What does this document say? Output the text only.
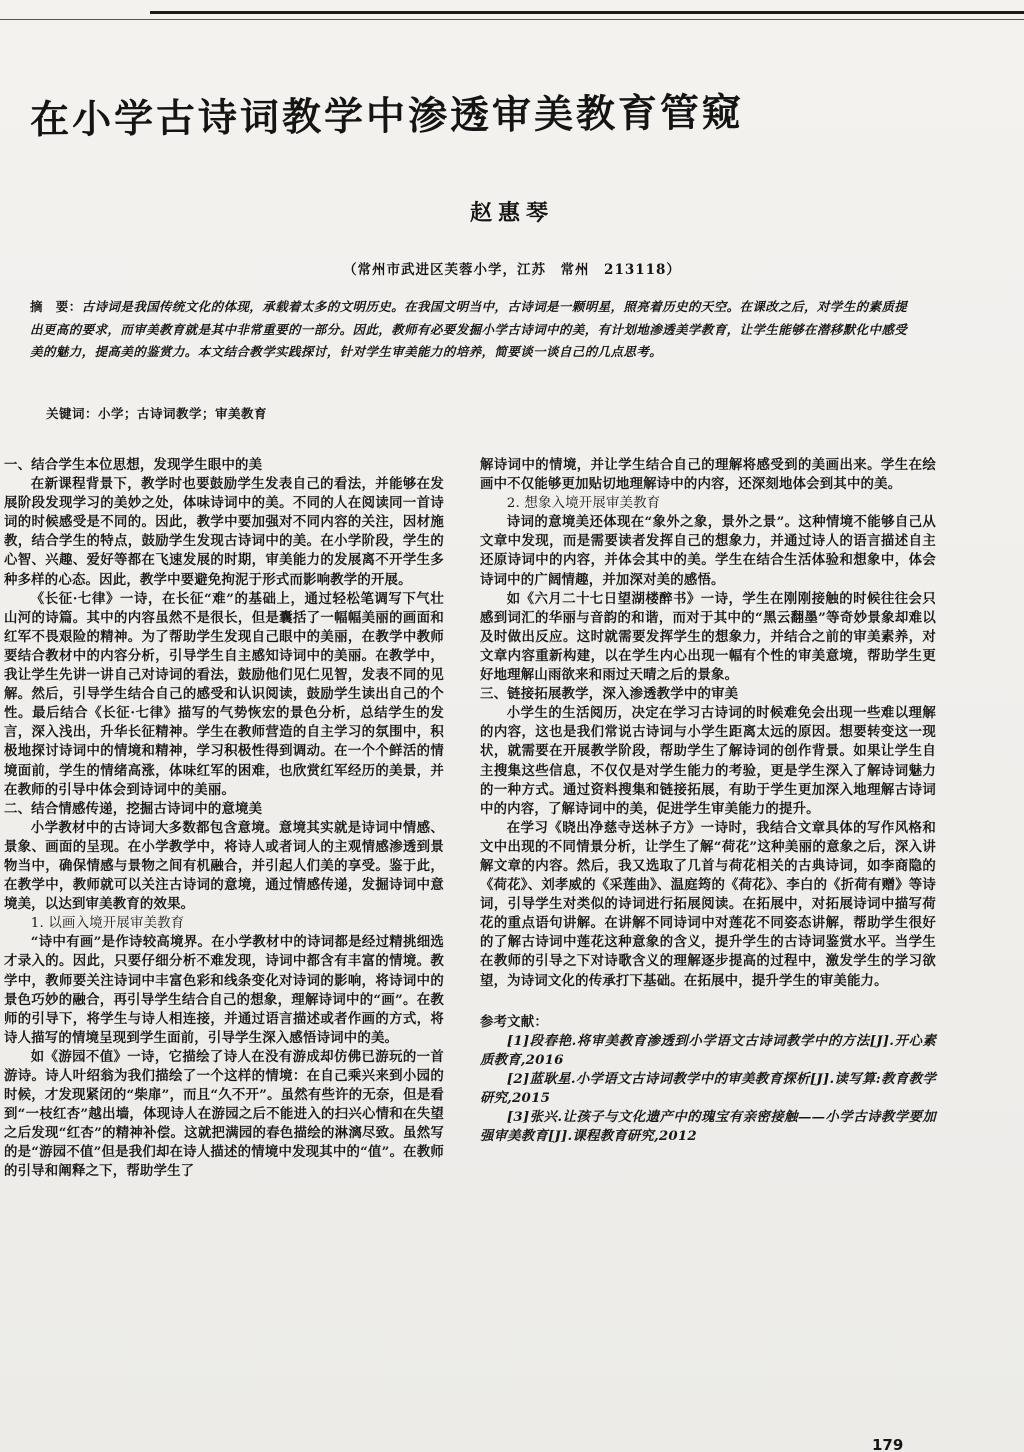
在小学古诗词教学中渗透审美教育管窥
赵惠琴
（常州市武进区芙蓉小学，江苏　常州　213118）
摘　要：古诗词是我国传统文化的体现，承载着太多的文明历史。在我国文明当中，古诗词是一颗明星，照亮着历史的天空。在课改之后，对学生的素质提出更高的要求，而审美教育就是其中非常重要的一部分。因此，教师有必要发掘小学古诗词中的美，有计划地渗透美学教育，让学生能够在潜移默化中感受美的魅力，提高美的鉴赏力。本文结合教学实践探讨，针对学生审美能力的培养，简要谈一谈自己的几点思考。
关键词：小学；古诗词教学；审美教育
一、结合学生本位思想，发现学生眼中的美

在新课程背景下，教学时也要鼓励学生发表自己的看法，并能够在发展阶段发现学习的美妙之处，体味诗词中的美。不同的人在阅读同一首诗词的时候感受是不同的。因此，教学中要加强对不同内容的关注，因材施教，结合学生的特点，鼓励学生发现古诗词中的美。在小学阶段，学生的心智、兴趣、爱好等都在飞速发展的时期，审美能力的发展离不开学生多种多样的心态。因此，教学中要避免拘泥于形式而影响教学的开展。

《长征·七律》一诗，在长征“难”的基础上，通过轻松笔调写下气壮山河的诗篇。其中的内容虽然不是很长，但是囊括了一幅幅美丽的画面和红军不畏艰险的精神。为了帮助学生发现自己眼中的美丽，在教学中教师要结合教材中的内容分析，引导学生自主感知诗词中的美丽。在教学中，我让学生先讲一讲自己对诗词的看法，鼓励他们见仁见智，发表不同的见解。然后，引导学生结合自己的感受和认识阅读，鼓励学生读出自己的个性。最后结合《长征·七律》描写的气势恢宏的景色分析，总结学生的发言，深入浅出，升华长征精神。学生在教师营造的自主学习的氛围中，积极地探讨诗词中的情境和精神，学习积极性得到调动。在一个个鲜活的情境面前，学生的情绪高涨，体味红军的困难，也欣赏红军经历的美景，并在教师的引导中体会到诗词中的美丽。

二、结合情感传递，挖掘古诗词中的意境美

小学教材中的古诗词大多数都包含意境。意境其实就是诗词中情感、景象、画面的呈现。在小学教学中，将诗人或者词人的主观情感渗透到景物当中，确保情感与景物之间有机融合，并引起人们美的享受。鉴于此，在教学中，教师就可以关注古诗词的意境，通过情感传递，发掘诗词中意境美，以达到审美教育的效果。

1. 以画入境开展审美教育

“诗中有画”是作诗较高境界。在小学教材中的诗词都是经过精挑细选才录入的。因此，只要仔细分析不难发现，诗词中都含有丰富的情境。教学中，教师要关注诗词中丰富色彩和线条变化对诗词的影响，将诗词中的景色巧妙的融合，再引导学生结合自己的想象，理解诗词中的“画”。在教师的引导下，将学生与诗人相连接，并通过语言描述或者作画的方式，将诗人描写的情境呈现到学生面前，引导学生深入感悟诗词中的美。

如《游园不值》一诗，它描绘了诗人在没有游成却仿佛已游玩的一首游诗。诗人叶绍翁为我们描绘了一个这样的情境：在自己乘兴来到小园的时候，才发现紧闭的“柴扉”，而且“久不开”。虽然有些许的无奈，但是看到“一枝红杏”越出墙，体现诗人在游园之后不能进入的扫兴心情和在失望之后发现“红杏”的精神补偿。这就把满园的春色描绘的淋漓尽致。虽然写的是“游园不值”但是我们却在诗人描述的情境中发现其中的“值”。在教师的引导和阐释之下，帮助学生了

解诗词中的情境，并让学生结合自己的理解将感受到的美画出来。学生在绘画中不仅能够更加贴切地理解诗中的内容，还深刻地体会到其中的美。

2. 想象入境开展审美教育

诗词的意境美还体现在“象外之象，景外之景”。这种情境不能够自己从文章中发现，而是需要读者发挥自己的想象力，并通过诗人的语言描述自主还原诗词中的内容，并体会其中的美。学生在结合生活体验和想象中，体会诗词中的广阔情趣，并加深对美的感悟。

如《六月二十七日望湖楼醉书》一诗，学生在刚刚接触的时候往往会只感到词汇的华丽与音韵的和谐，而对于其中的“黑云翻墨”等奇妙景象却难以及时做出反应。这时就需要发挥学生的想象力，并结合之前的审美素养，对文章内容重新构建，以在学生内心出现一幅有个性的审美意境，帮助学生更好地理解山雨欲来和雨过天晴之后的景象。

三、链接拓展教学，深入渗透教学中的审美

小学生的生活阅历，决定在学习古诗词的时候难免会出现一些难以理解的内容，这也是我们常说古诗词与小学生距离太远的原因。想要转变这一现状，就需要在开展教学阶段，帮助学生了解诗词的创作背景。如果让学生自主搜集这些信息，不仅仅是对学生能力的考验，更是学生深入了解诗词魅力的一种方式。通过资料搜集和链接拓展，有助于学生更加深入地理解古诗词中的内容，了解诗词中的美，促进学生审美能力的提升。

在学习《晓出净慈寺送林子方》一诗时，我结合文章具体的写作风格和文中出现的不同情景分析，让学生了解“荷花”这种美丽的意象之后，深入讲解文章的内容。然后，我又选取了几首与荷花相关的古典诗词，如李商隐的《荷花》、刘孝威的《采莲曲》、温庭筠的《荷花》、李白的《折荷有赠》等诗词，引导学生对类似的诗词进行拓展阅读。在拓展中，对拓展诗词中描写荷花的重点语句讲解。在讲解不同诗词中对莲花不同姿态讲解，帮助学生很好的了解古诗词中莲花这种意象的含义，提升学生的古诗词鉴赏水平。当学生在教师的引导之下对诗歌含义的理解逐步提高的过程中，激发学生的学习欲望，为诗词文化的传承打下基础。在拓展中，提升学生的审美能力。

参考文献：

[1]段春艳.将审美教育渗透到小学语文古诗词教学中的方法[J].开心素质教育,2016

[2]蓝耿星.小学语文古诗词教学中的审美教育探析[J].读写算:教育教学研究,2015

[3]张兴.让孩子与文化遗产中的瑰宝有亲密接触——小学古诗教学要加强审美教育[J].课程教育研究,2012

179
